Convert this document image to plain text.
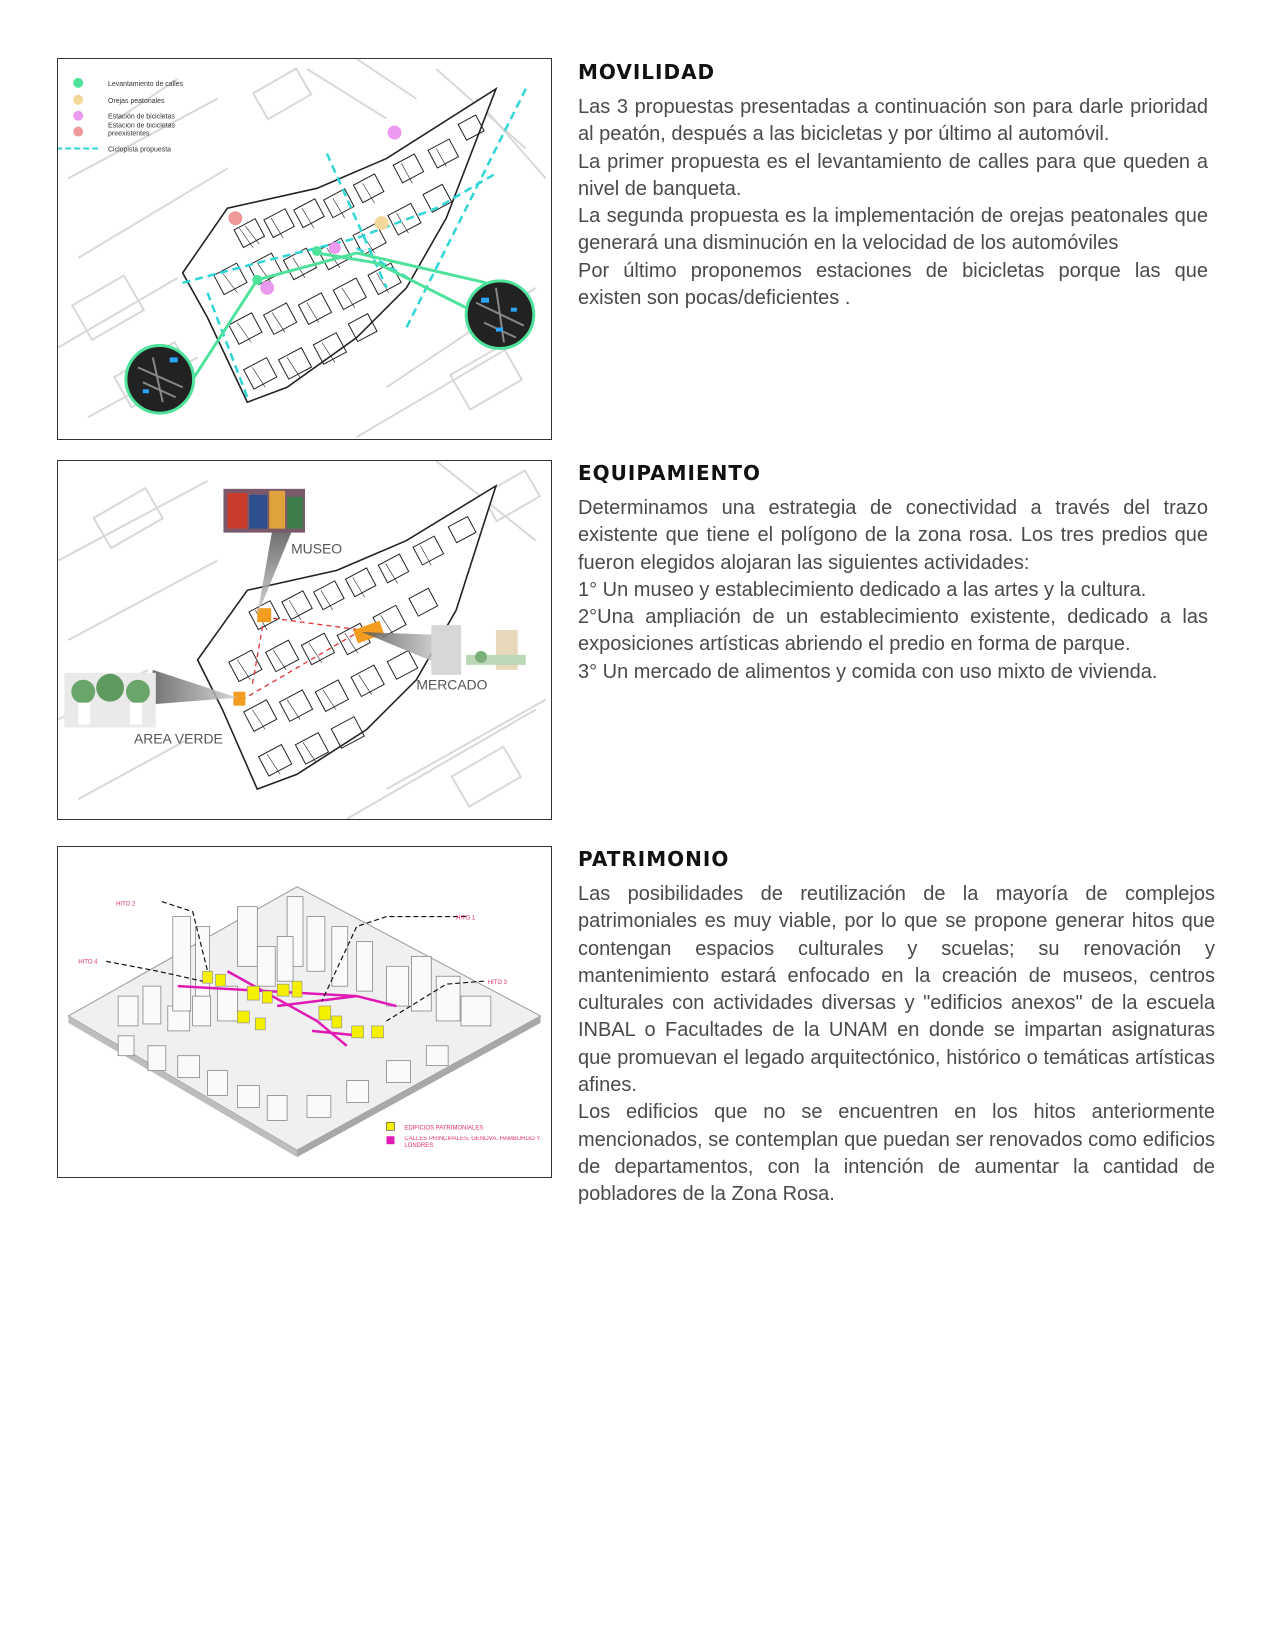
Levantamiento de calles
Orejas peatonales
Estación de bicicletas
Estación de bicicletas preexistentes
Ciclopista propuesta
MOVILIDAD
Las 3 propuestas presentadas a continuación son para darle prioridad al peatón, después a las bicicletas y por último al automóvil.
La primer propuesta es el levantamiento de calles para que queden a nivel de banqueta.
La segunda propuesta es la implementación de orejas peatonales que generará una disminución en la velocidad de los automóviles
Por último proponemos estaciones de bicicletas porque las que existen son pocas/deficientes .
MUSEO
MERCADO
AREA VERDE
EQUIPAMIENTO
Determinamos una estrategia de conectividad a través del trazo existente que tiene el polígono de la zona rosa. Los tres predios que fueron elegidos alojaran las siguientes actividades:
1° Un museo y establecimiento dedicado a las artes y la cultura.
2°Una ampliación de un establecimiento existente, dedicado a las exposiciones artísticas abriendo el predio en forma de parque.
3° Un mercado de alimentos y comida con uso mixto de vivienda.
HITO 1
HITO 2
HITO 3
HITO 4
EDIFICIOS PATRIMONIALES
CALLES PRINCIPALES, GENOVA, HAMBURGO Y LONDRES
PATRIMONIO
Las posibilidades de reutilización de la mayoría de complejos patrimoniales es muy viable, por lo que se propone generar hitos que contengan espacios culturales y scuelas; su renovación y mantenimiento estará enfocado en la creación de museos, centros culturales con actividades diversas y "edificios anexos" de la escuela INBAL o Facultades de la UNAM en donde se impartan asignaturas que promuevan el legado arquitectónico, histórico o temáticas artísticas afines.
Los edificios que no se encuentren en los hitos anteriormente mencionados, se contemplan que puedan ser renovados como edificios de departamentos, con la intención de aumentar la cantidad de pobladores de la Zona Rosa.
